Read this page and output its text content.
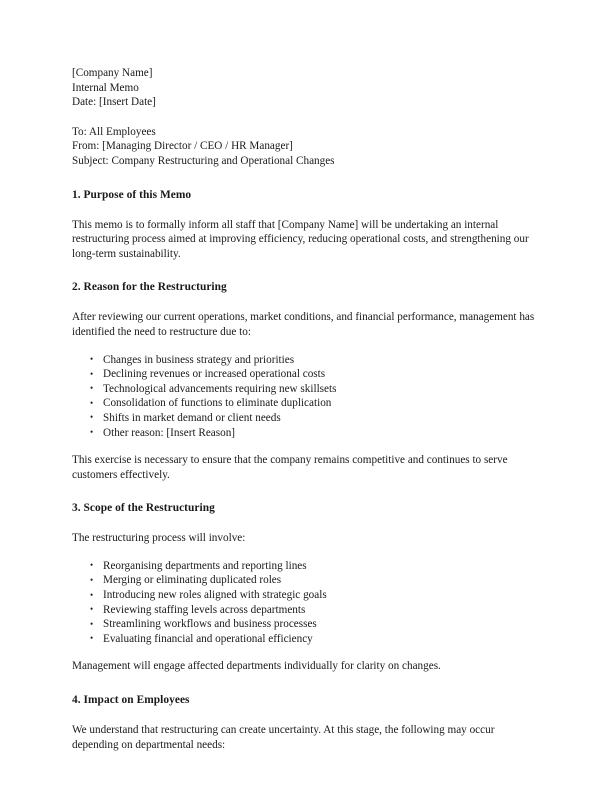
[Company Name]
Internal Memo
Date: [Insert Date]
To: All Employees
From: [Managing Director / CEO / HR Manager]
Subject: Company Restructuring and Operational Changes
1. Purpose of this Memo

This memo is to formally inform all staff that [Company Name] will be undertaking an internal restructuring process aimed at improving efficiency, reducing operational costs, and strengthening our long-term sustainability.

2. Reason for the Restructuring

After reviewing our current operations, market conditions, and financial performance, management has identified the need to restructure due to:

• Changes in business strategy and priorities
• Declining revenues or increased operational costs
• Technological advancements requiring new skillsets
• Consolidation of functions to eliminate duplication
• Shifts in market demand or client needs
• Other reason: [Insert Reason]

This exercise is necessary to ensure that the company remains competitive and continues to serve customers effectively.

3. Scope of the Restructuring

The restructuring process will involve:

• Reorganising departments and reporting lines
• Merging or eliminating duplicated roles
• Introducing new roles aligned with strategic goals
• Reviewing staffing levels across departments
• Streamlining workflows and business processes
• Evaluating financial and operational efficiency

Management will engage affected departments individually for clarity on changes.

4. Impact on Employees

We understand that restructuring can create uncertainty. At this stage, the following may occur depending on departmental needs:
